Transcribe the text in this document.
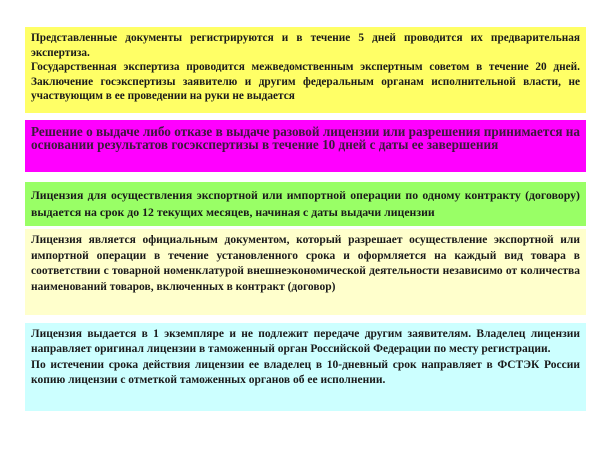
Представленные документы регистрируются и в течение 5 дней проводится их предварительная экспертиза.

Государственная экспертиза проводится межведомственным экспертным советом в течение 20 дней. Заключение госэкспертизы заявителю и другим федеральным органам исполнительной власти, не участвующим в ее проведении на руки не выдается

Решение о выдаче либо отказе в выдаче разовой лицензии или разрешения принимается на основании результатов госэкспертизы в течение 10 дней с даты ее завершения

Лицензия для осуществления экспортной или импортной операции по одному контракту (договору) выдается на срок до 12 текущих месяцев, начиная с даты выдачи лицензии

Лицензия является официальным документом, который разрешает осуществление экспортной или импортной операции в течение установленного срока и оформляется на каждый вид товара в соответствии с товарной номенклатурой внешнеэкономической деятельности независимо от количества наименований товаров, включенных в контракт (договор)

Лицензия выдается в 1 экземпляре и не подлежит передаче другим заявителям. Владелец лицензии направляет оригинал лицензии в таможенный орган Российской Федерации по месту регистрации.

По истечении срока действия лицензии ее владелец в 10-дневный срок направляет в ФСТЭК России копию лицензии с отметкой таможенных органов об ее исполнении.
